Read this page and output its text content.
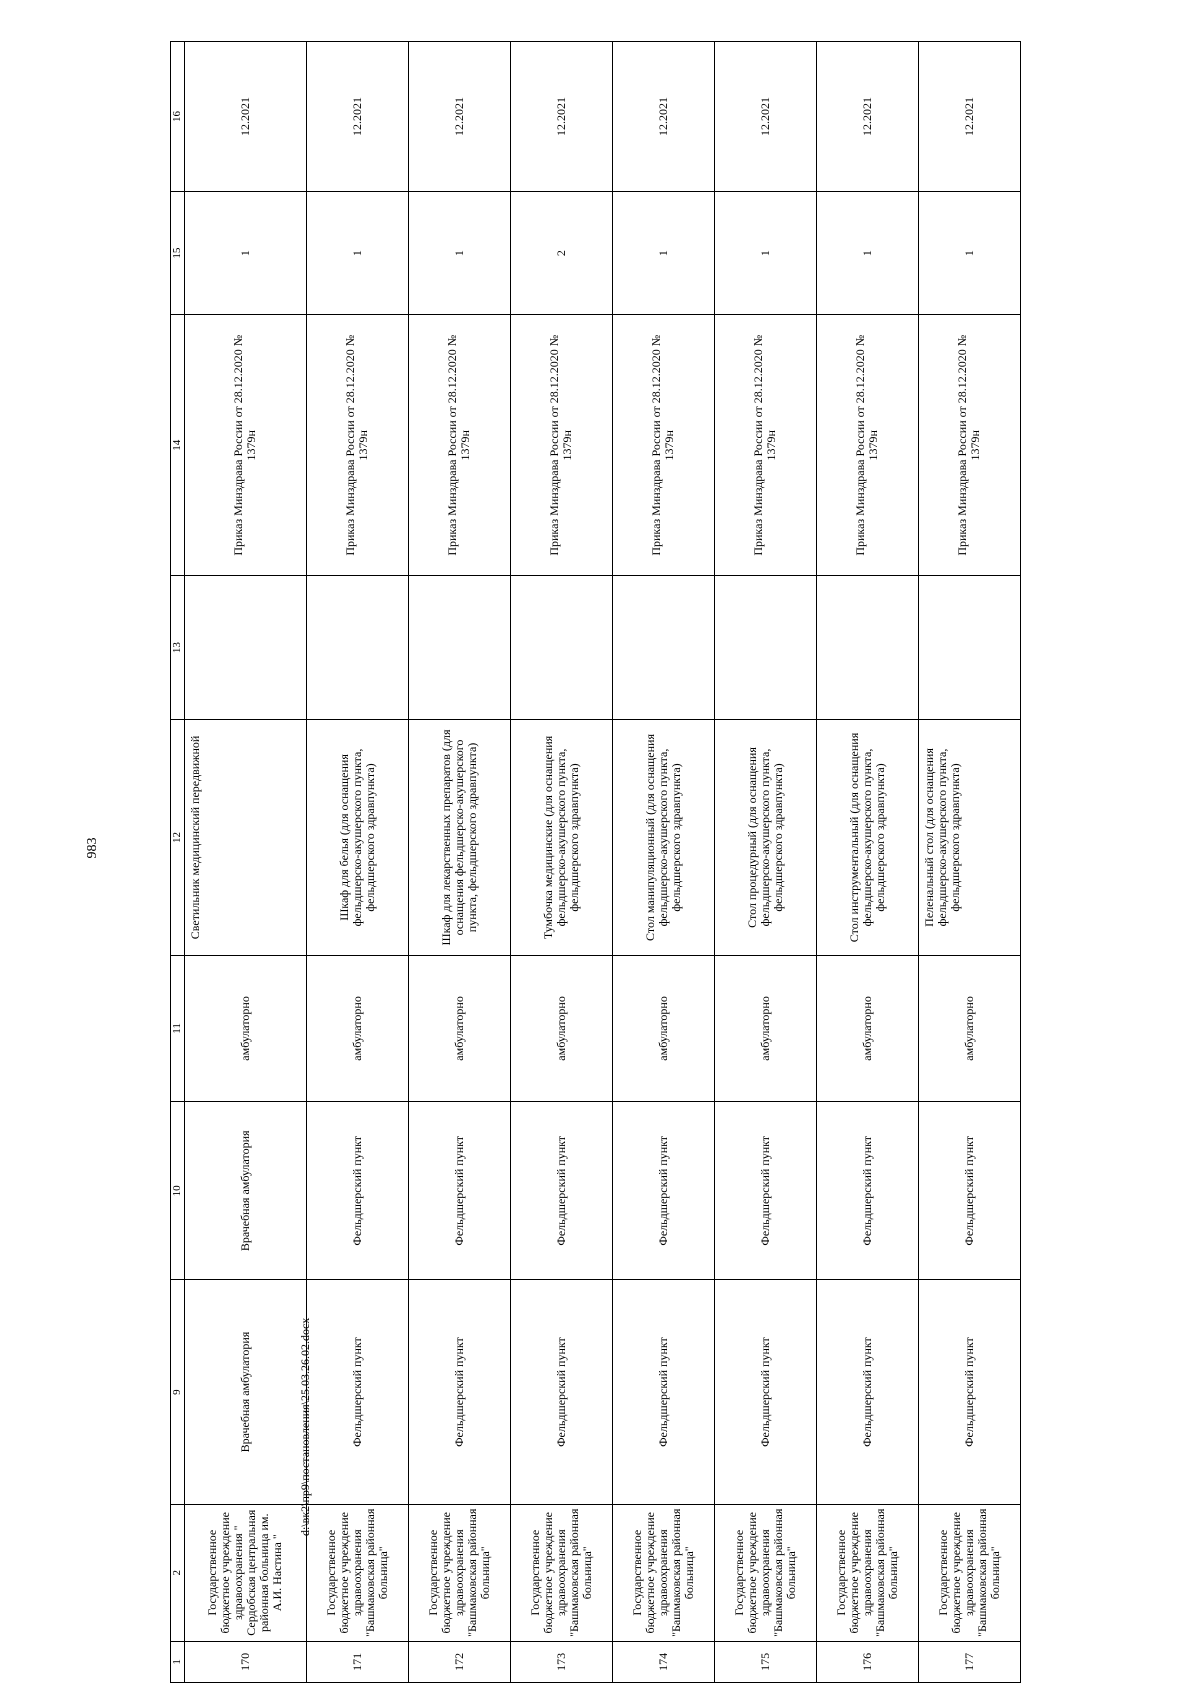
983
d:\вк2\пр9\постановления\25.03.26.02.docx
1	2	9	10	11	12	13	14	15	16
170	Государственное бюджетное учреждение здравоохранения " Сердобская центральная районная больница им. А.И. Настина "	Врачебная амбулатория	Врачебная амбулатория	амбулаторно	Светильник медицинский передвижной		Приказ Минздрава России от 28.12.2020 № 1379н	1	12.2021
171	Государственное бюджетное учреждение здравоохранения "Башмаковская районная больница"	Фельдшерский пункт	Фельдшерский пункт	амбулаторно	Шкаф для белья (для оснащения фельдшерско-акушерского пункта, фельдшерского здравпункта)		Приказ Минздрава России от 28.12.2020 № 1379н	1	12.2021
172	Государственное бюджетное учреждение здравоохранения "Башмаковская районная больница"	Фельдшерский пункт	Фельдшерский пункт	амбулаторно	Шкаф для лекарственных препаратов (для оснащения фельдшерско-акушерского пункта, фельдшерского здравпункта)		Приказ Минздрава России от 28.12.2020 № 1379н	1	12.2021
173	Государственное бюджетное учреждение здравоохранения "Башмаковская районная больница"	Фельдшерский пункт	Фельдшерский пункт	амбулаторно	Тумбочка медицинские (для оснащения фельдшерско-акушерского пункта, фельдшерского здравпункта)		Приказ Минздрава России от 28.12.2020 № 1379н	2	12.2021
174	Государственное бюджетное учреждение здравоохранения "Башмаковская районная больница"	Фельдшерский пункт	Фельдшерский пункт	амбулаторно	Стол манипуляционный (для оснащения фельдшерско-акушерского пункта, фельдшерского здравпункта)		Приказ Минздрава России от 28.12.2020 № 1379н	1	12.2021
175	Государственное бюджетное учреждение здравоохранения "Башмаковская районная больница"	Фельдшерский пункт	Фельдшерский пункт	амбулаторно	Стол процедурный (для оснащения фельдшерско-акушерского пункта, фельдшерского здравпункта)		Приказ Минздрава России от 28.12.2020 № 1379н	1	12.2021
176	Государственное бюджетное учреждение здравоохранения "Башмаковская районная больница"	Фельдшерский пункт	Фельдшерский пункт	амбулаторно	Стол инструментальный (для оснащения фельдшерско-акушерского пункта, фельдшерского здравпункта)		Приказ Минздрава России от 28.12.2020 № 1379н	1	12.2021
177	Государственное бюджетное учреждение здравоохранения "Башмаковская районная больница"	Фельдшерский пункт	Фельдшерский пункт	амбулаторно	Пеленальный стол (для оснащения фельдшерско-акушерского пункта, фельдшерского здравпункта)		Приказ Минздрава России от 28.12.2020 № 1379н	1	12.2021
